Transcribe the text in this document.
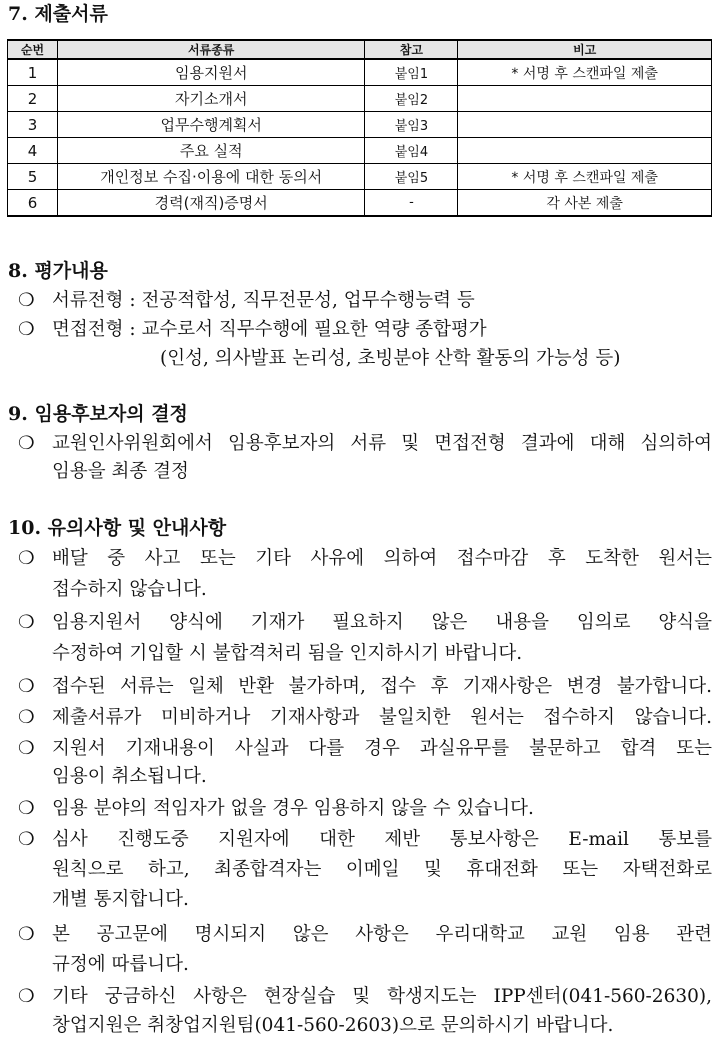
7. 제출서류
순번	서류종류	참고	비고
1	임용지원서	붙임1	* 서명 후 스캔파일 제출
2	자기소개서	붙임2	
3	업무수행계획서	붙임3	
4	주요 실적	붙임4	
5	개인정보 수집·이용에 대한 동의서	붙임5	* 서명 후 스캔파일 제출
6	경력(재직)증명서	-	각 사본 제출
8. 평가내용
❍ 서류전형 : 전공적합성, 직무전문성, 업무수행능력 등
❍ 면접전형 : 교수로서 직무수행에 필요한 역량 종합평가
(인성, 의사발표 논리성, 초빙분야 산학 활동의 가능성 등)
9. 임용후보자의 결정
❍ 교원인사위원회에서 임용후보자의 서류 및 면접전형 결과에 대해 심의하여
임용을 최종 결정
10. 유의사항 및 안내사항
❍ 배달 중 사고 또는 기타 사유에 의하여 접수마감 후 도착한 원서는
접수하지 않습니다.
❍ 임용지원서 양식에 기재가 필요하지 않은 내용을 임의로 양식을
수정하여 기입할 시 불합격처리 됨을 인지하시기 바랍니다.
❍ 접수된 서류는 일체 반환 불가하며, 접수 후 기재사항은 변경 불가합니다.
❍ 제출서류가 미비하거나 기재사항과 불일치한 원서는 접수하지 않습니다.
❍ 지원서 기재내용이 사실과 다를 경우 과실유무를 불문하고 합격 또는
임용이 취소됩니다.
❍ 임용 분야의 적임자가 없을 경우 임용하지 않을 수 있습니다.
❍ 심사 진행도중 지원자에 대한 제반 통보사항은 E-mail 통보를
원칙으로 하고, 최종합격자는 이메일 및 휴대전화 또는 자택전화로
개별 통지합니다.
❍ 본 공고문에 명시되지 않은 사항은 우리대학교 교원 임용 관련
규정에 따릅니다.
❍ 기타 궁금하신 사항은 현장실습 및 학생지도는 IPP센터(041-560-2630),
창업지원은 취창업지원팀(041-560-2603)으로 문의하시기 바랍니다.
